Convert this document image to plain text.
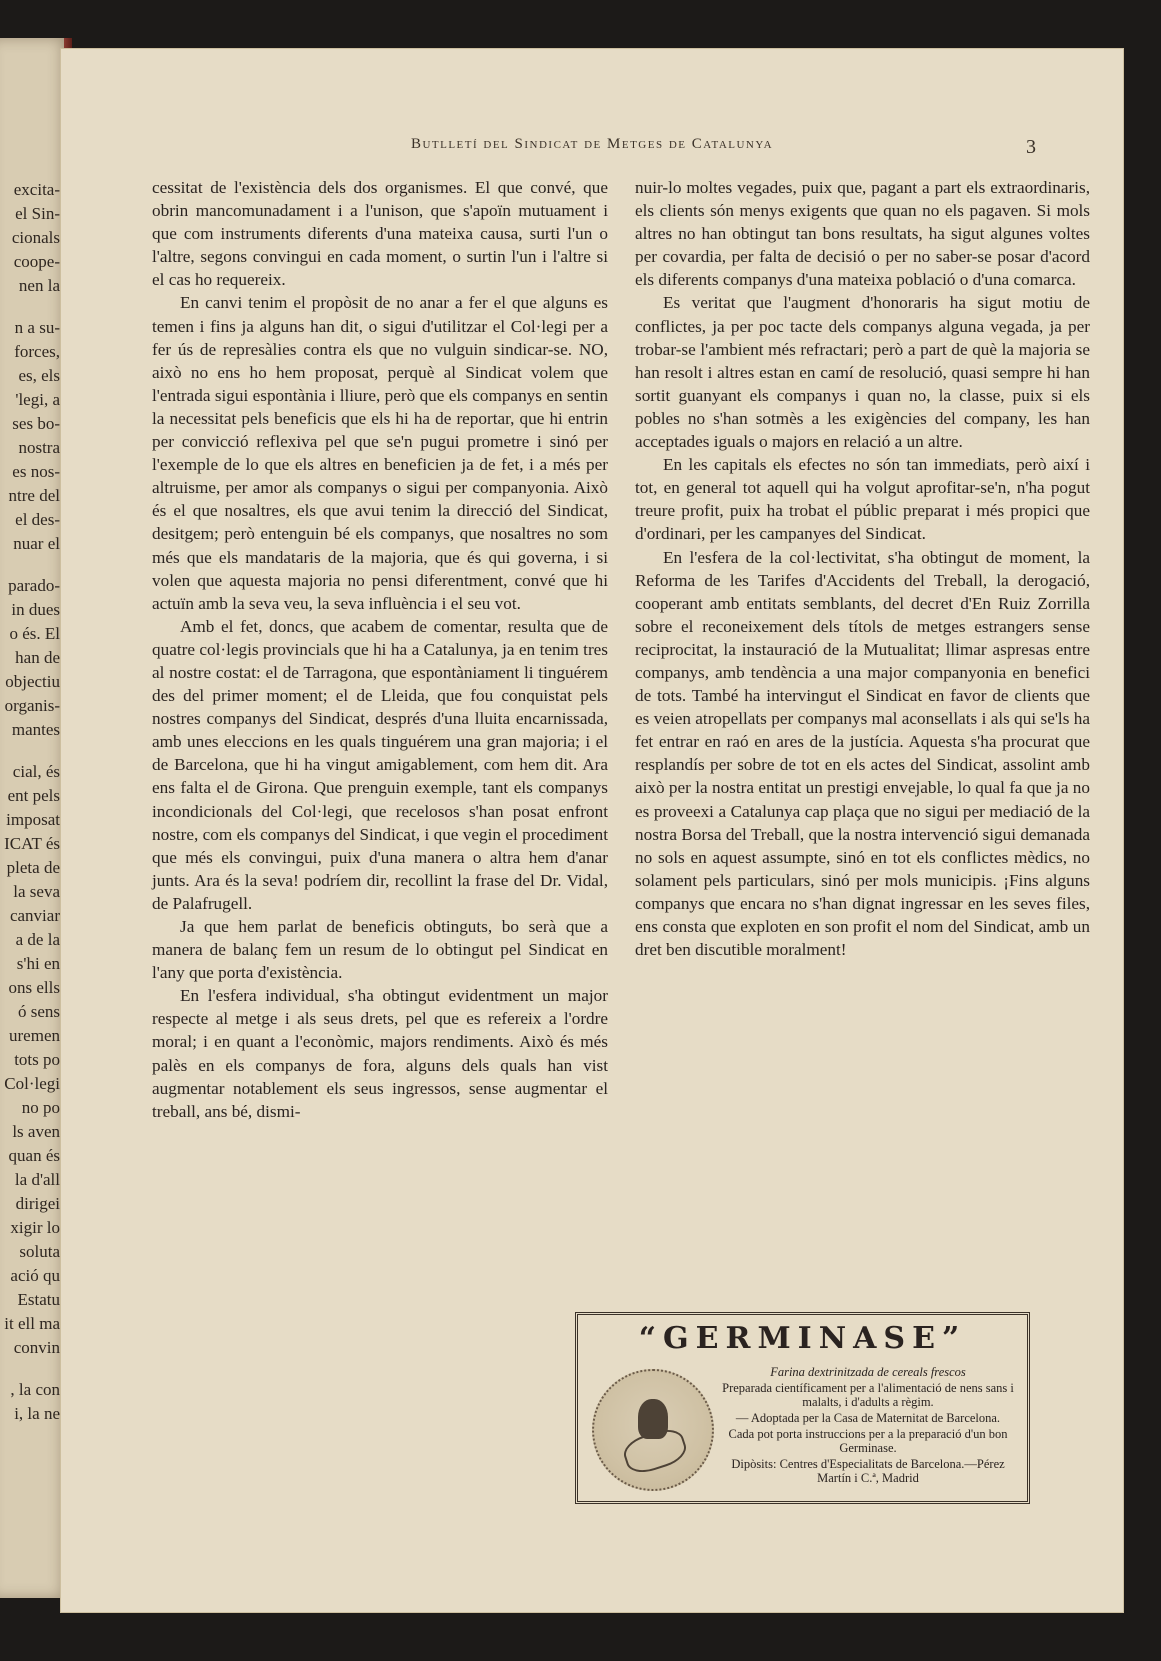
excita-
el Sin-
cionals
coope-
nen la
n a su-
forces,
es, els
'legi, a
ses bo-
nostra
es nos-
ntre del
el des-
nuar el
parado-
in dues
o és. El
han de
objectiu
organis-
mantes
cial, és
ent pels
imposat
ICAT és
pleta de
la seva
canviar
a de la
s'hi en
ons ells
ó sens
uremen
tots po
Col·legi
no po
ls aven
quan és
la d'all
dirigei
xigir lo
soluta
ació qu
Estatu
it ell ma
convin
, la con
i, la ne
Butlletí del Sindicat de Metges de Catalunya	3

cessitat de l'existència dels dos organismes. El que convé, que obrin mancomunadament i a l'unison, que s'apoïn mutuament i que com instruments diferents d'una mateixa causa, surti l'un o l'altre, segons convingui en cada moment, o surtin l'un i l'altre si el cas ho requereix.

En canvi tenim el propòsit de no anar a fer el que alguns es temen i fins ja alguns han dit, o sigui d'utilitzar el Col·legi per a fer ús de represàlies contra els que no vulguin sindicar-se. NO, això no ens ho hem proposat, perquè al Sindicat volem que l'entrada sigui espontània i lliure, però que els companys en sentin la necessitat pels beneficis que els hi ha de reportar, que hi entrin per convicció reflexiva pel que se'n pugui prometre i sinó per l'exemple de lo que els altres en beneficien ja de fet, i a més per altruisme, per amor als companys o sigui per companyonia. Això és el que nosaltres, els que avui tenim la direcció del Sindicat, desitgem; però entenguin bé els companys, que nosaltres no som més que els mandataris de la majoria, que és qui governa, i si volen que aquesta majoria no pensi diferentment, convé que hi actuïn amb la seva veu, la seva influència i el seu vot.

Amb el fet, doncs, que acabem de comentar, resulta que de quatre col·legis provincials que hi ha a Catalunya, ja en tenim tres al nostre costat: el de Tarragona, que espontàniament li tinguérem des del primer moment; el de Lleida, que fou conquistat pels nostres companys del Sindicat, després d'una lluita encarnissada, amb unes eleccions en les quals tinguérem una gran majoria; i el de Barcelona, que hi ha vingut amigablement, com hem dit. Ara ens falta el de Girona. Que prenguin exemple, tant els companys incondicionals del Col·legi, que recelosos s'han posat enfront nostre, com els companys del Sindicat, i que vegin el procediment que més els convingui, puix d'una manera o altra hem d'anar junts. Ara és la seva! podríem dir, recollint la frase del Dr. Vidal, de Palafrugell.

Ja que hem parlat de beneficis obtinguts, bo serà que a manera de balanç fem un resum de lo obtingut pel Sindicat en l'any que porta d'existència.

En l'esfera individual, s'ha obtingut evidentment un major respecte al metge i als seus drets, pel que es refereix a l'ordre moral; i en quant a l'econòmic, majors rendiments. Això és més palès en els companys de fora, alguns dels quals han vist augmentar notablement els seus ingressos, sense augmentar el treball, ans bé, dismi-

nuir-lo moltes vegades, puix que, pagant a part els extraordinaris, els clients són menys exigents que quan no els pagaven. Si mols altres no han obtingut tan bons resultats, ha sigut algunes voltes per covardia, per falta de decisió o per no saber-se posar d'acord els diferents companys d'una mateixa població o d'una comarca.

Es veritat que l'augment d'honoraris ha sigut motiu de conflictes, ja per poc tacte dels companys alguna vegada, ja per trobar-se l'ambient més refractari; però a part de què la majoria se han resolt i altres estan en camí de resolució, quasi sempre hi han sortit guanyant els companys i quan no, la classe, puix si els pobles no s'han sotmès a les exigències del company, les han acceptades iguals o majors en relació a un altre.

En les capitals els efectes no són tan immediats, però així i tot, en general tot aquell qui ha volgut aprofitar-se'n, n'ha pogut treure profit, puix ha trobat el públic preparat i més propici que d'ordinari, per les campanyes del Sindicat.

En l'esfera de la col·lectivitat, s'ha obtingut de moment, la Reforma de les Tarifes d'Accidents del Treball, la derogació, cooperant amb entitats semblants, del decret d'En Ruiz Zorrilla sobre el reconeixement dels títols de metges estrangers sense reciprocitat, la instauració de la Mutualitat; llimar aspresas entre companys, amb tendència a una major companyonia en benefici de tots. També ha intervingut el Sindicat en favor de clients que es veien atropellats per companys mal aconsellats i als qui se'ls ha fet entrar en raó en ares de la justícia. Aquesta s'ha procurat que resplandís per sobre de tot en els actes del Sindicat, assolint amb això per la nostra entitat un prestigi envejable, lo qual fa que ja no es proveexi a Catalunya cap plaça que no sigui per mediació de la nostra Borsa del Treball, que la nostra intervenció sigui demanada no sols en aquest assumpte, sinó en tot els conflictes mèdics, no solament pels particulars, sinó per mols municipis. ¡Fins alguns companys que encara no s'han dignat ingressar en les seves files, ens consta que exploten en son profit el nom del Sindicat, amb un dret ben discutible moralment!

“GERMINASE”
Farina dextrinitzada de cereals frescos
Preparada científicament per a l'alimentació de nens sans i malalts, i d'adults a règim.
— Adoptada per la Casa de Maternitat de Barcelona.
Cada pot porta instruccions per a la preparació d'un bon Germinase.
Dipòsits: Centres d'Especialitats de Barcelona.—Pérez Martín i C.ª, Madrid
